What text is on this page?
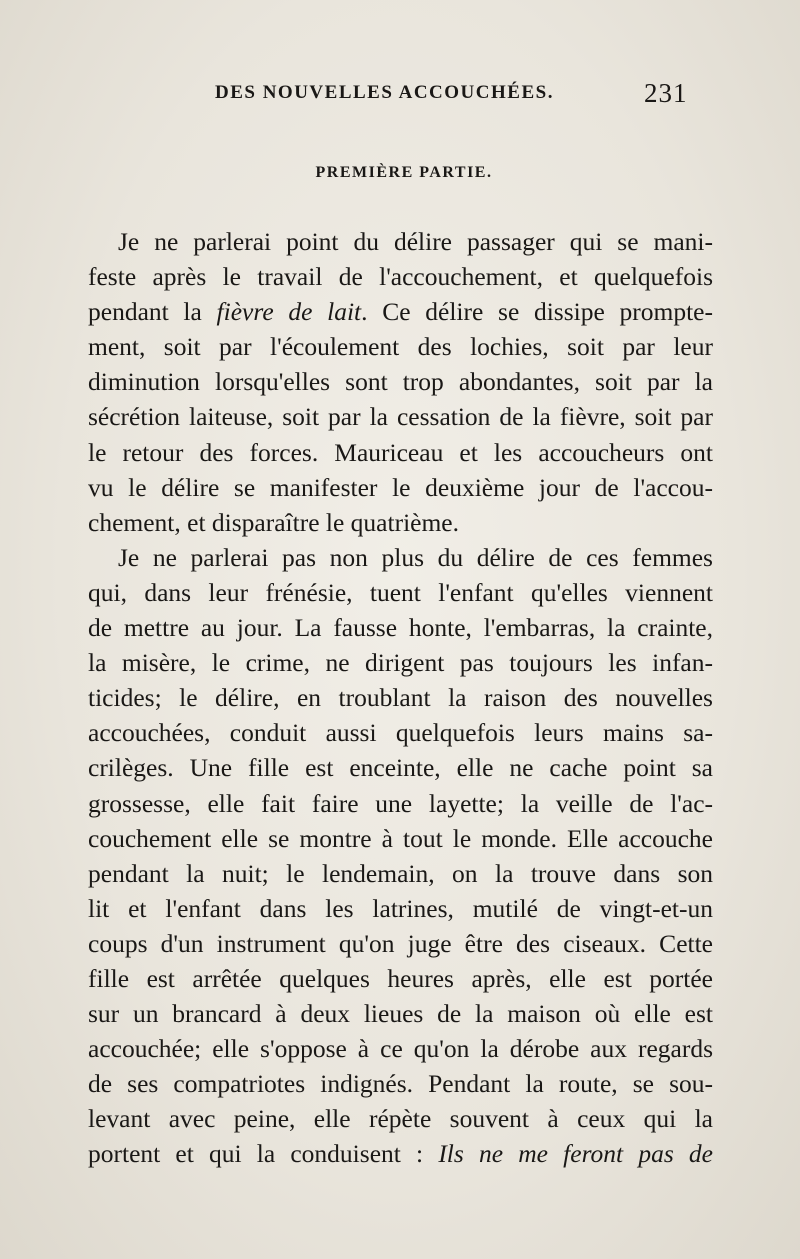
DES NOUVELLES ACCOUCHÉES.	231
PREMIÈRE PARTIE.
Je ne parlerai point du délire passager qui se mani-
feste après le travail de l'accouchement, et quelquefois
pendant la fièvre de lait. Ce délire se dissipe prompte-
ment, soit par l'écoulement des lochies, soit par leur
diminution lorsqu'elles sont trop abondantes, soit par la
sécrétion laiteuse, soit par la cessation de la fièvre, soit par
le retour des forces. Mauriceau et les accoucheurs ont
vu le délire se manifester le deuxième jour de l'accou-
chement, et disparaître le quatrième.
Je ne parlerai pas non plus du délire de ces femmes
qui, dans leur frénésie, tuent l'enfant qu'elles viennent
de mettre au jour. La fausse honte, l'embarras, la crainte,
la misère, le crime, ne dirigent pas toujours les infan-
ticides; le délire, en troublant la raison des nouvelles
accouchées, conduit aussi quelquefois leurs mains sa-
crilèges. Une fille est enceinte, elle ne cache point sa
grossesse, elle fait faire une layette; la veille de l'ac-
couchement elle se montre à tout le monde. Elle accouche
pendant la nuit; le lendemain, on la trouve dans son
lit et l'enfant dans les latrines, mutilé de vingt-et-un
coups d'un instrument qu'on juge être des ciseaux. Cette
fille est arrêtée quelques heures après, elle est portée
sur un brancard à deux lieues de la maison où elle est
accouchée; elle s'oppose à ce qu'on la dérobe aux regards
de ses compatriotes indignés. Pendant la route, se sou-
levant avec peine, elle répète souvent à ceux qui la
portent et qui la conduisent : Ils ne me feront pas de
